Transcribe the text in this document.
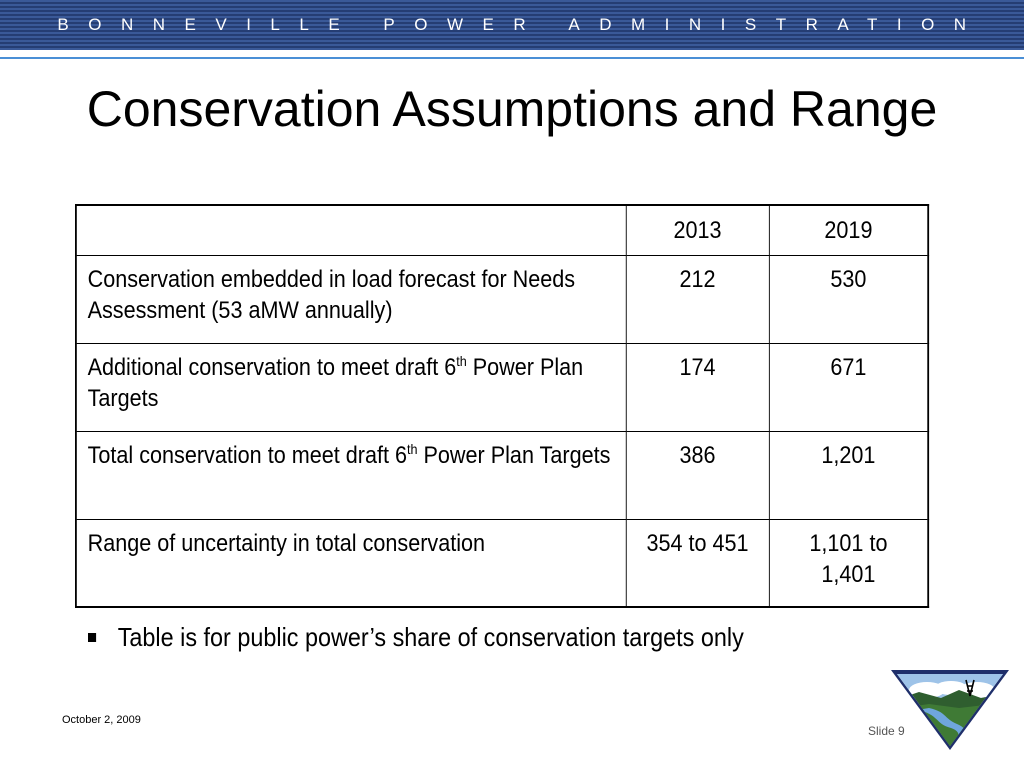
BONNEVILLE POWER ADMINISTRATION
Conservation Assumptions and Range
	2013	2019
Conservation embedded in load forecast for Needs Assessment (53 aMW annually)	212	530
Additional conservation to meet draft 6th Power Plan Targets	174	671
Total conservation to meet draft 6th Power Plan Targets	386	1,201
Range of uncertainty in total conservation	354 to 451	1,101 to 1,401
Table is for public power’s share of conservation targets only
October 2, 2009
Slide 9
